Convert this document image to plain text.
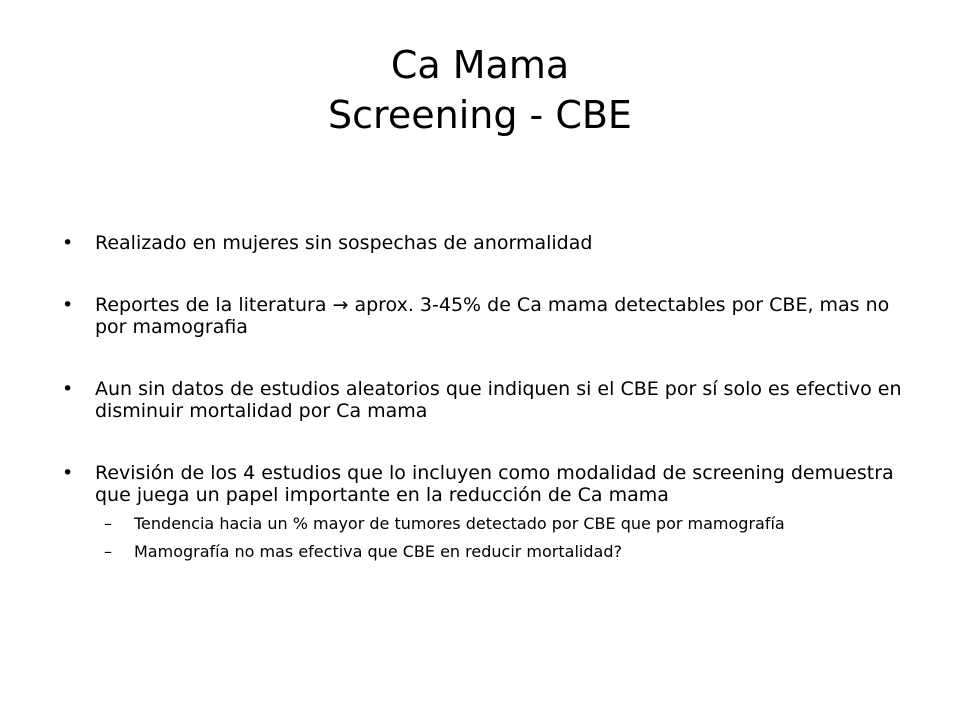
Ca Mama
Screening - CBE
• Realizado en mujeres sin sospechas de anormalidad
• Reportes de la literatura → aprox. 3-45% de Ca mama detectables por CBE, mas no por mamografia
• Aun sin datos de estudios aleatorios que indiquen si el CBE por sí solo es efectivo en disminuir mortalidad por Ca mama
• Revisión de los 4 estudios que lo incluyen como modalidad de screening demuestra que juega un papel importante en la reducción de Ca mama
– Tendencia hacia un % mayor de tumores detectado por CBE que por mamografía
– Mamografía no mas efectiva que CBE en reducir mortalidad?
